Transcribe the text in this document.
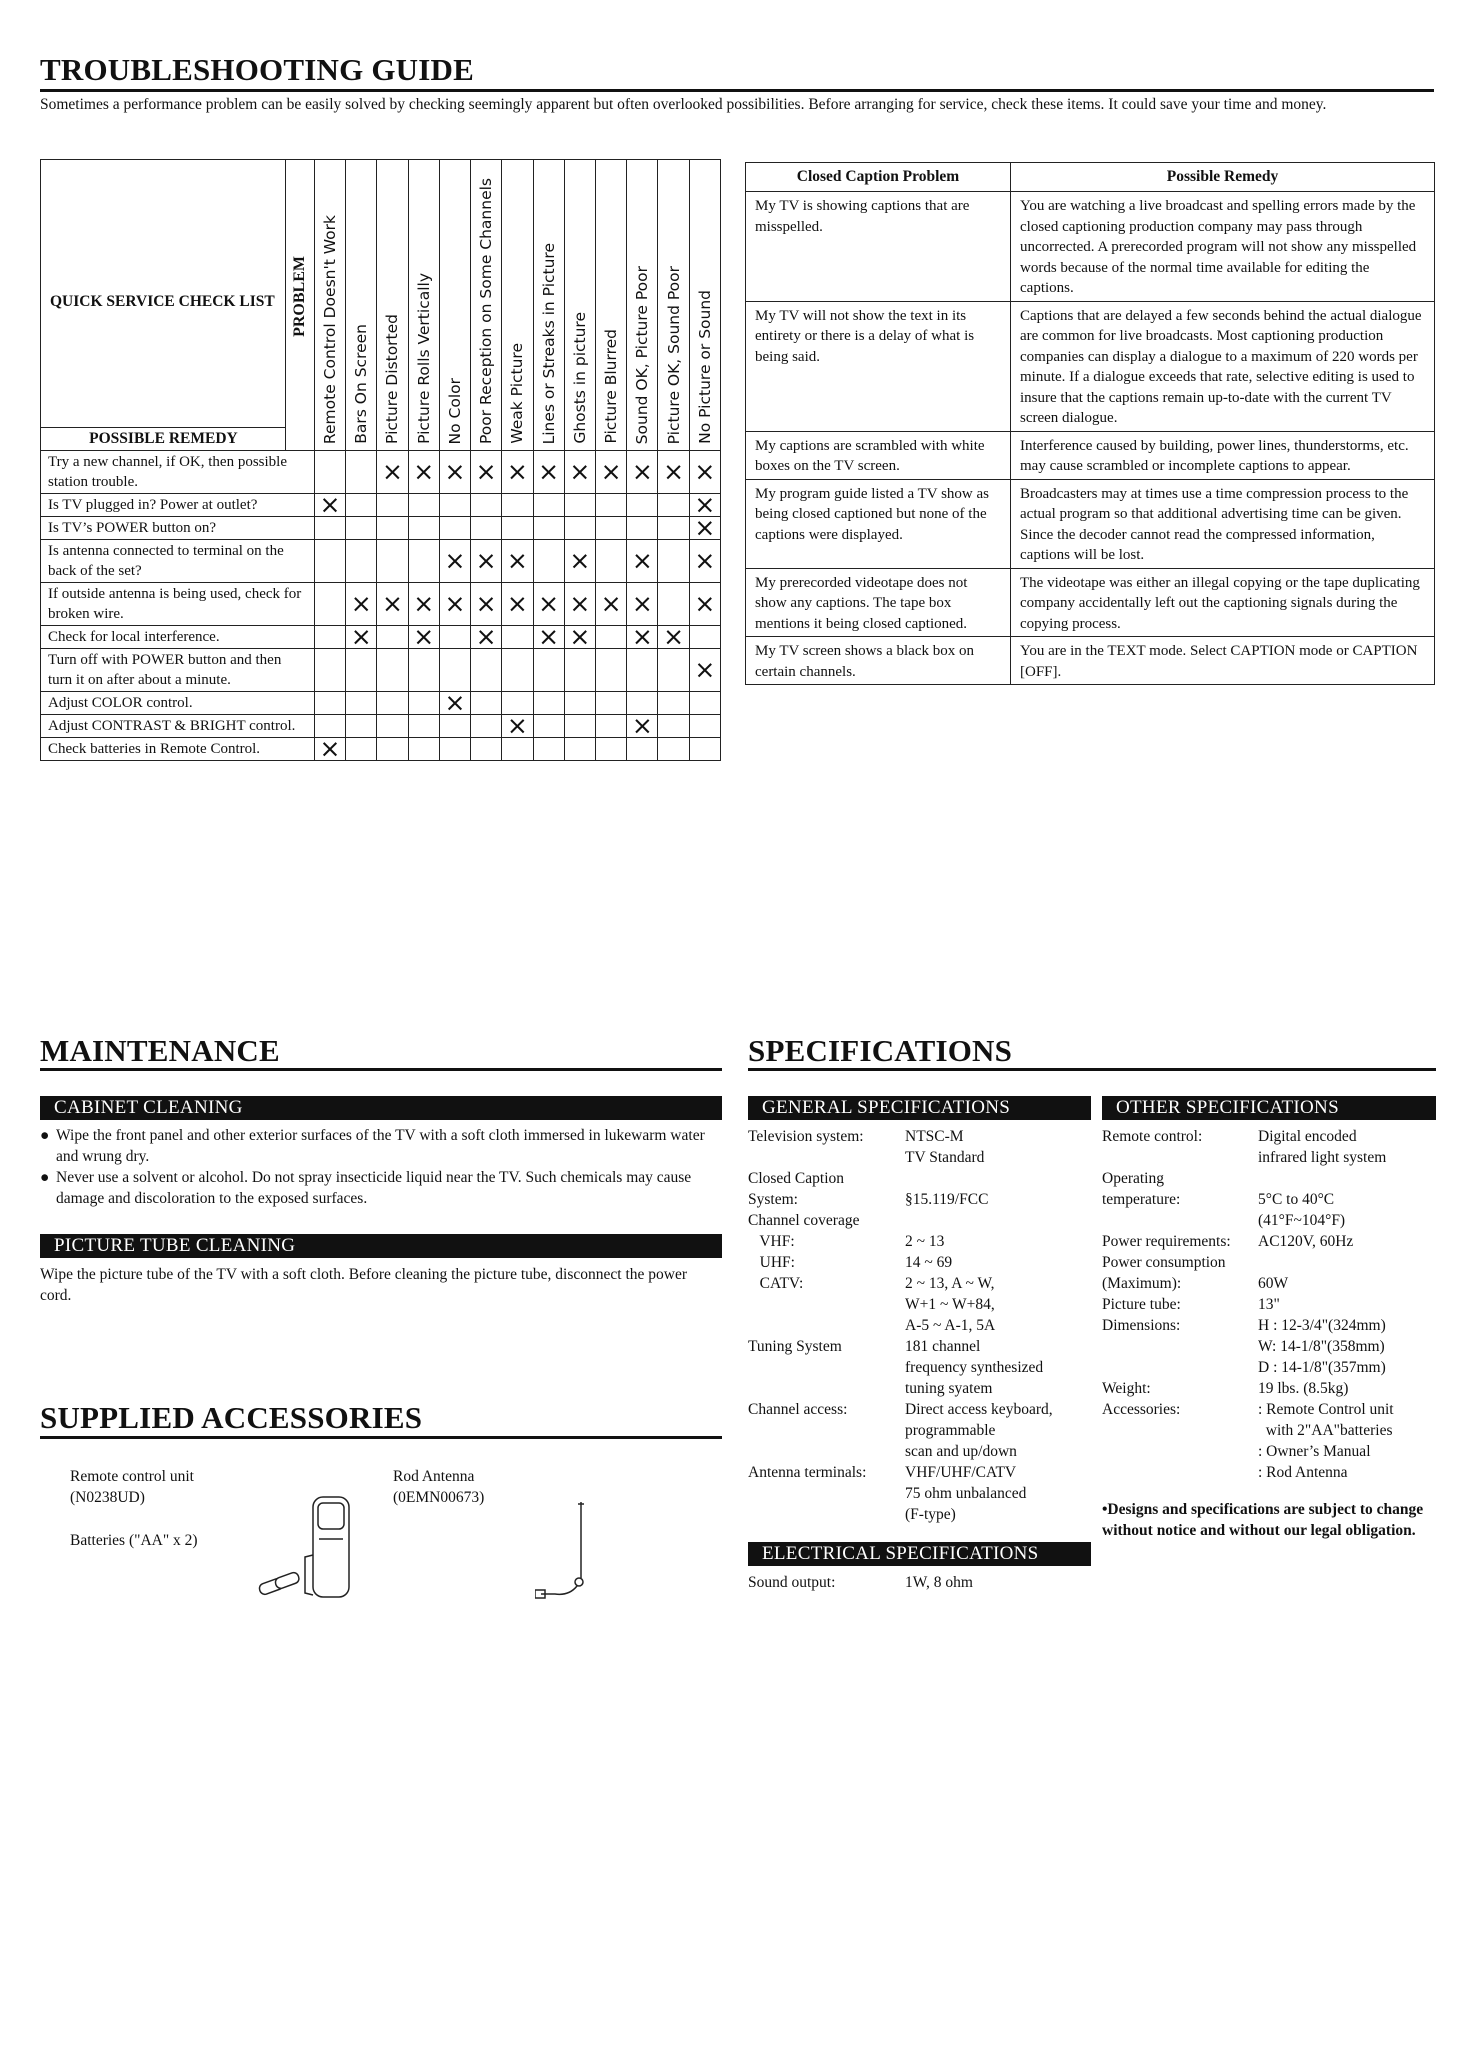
TROUBLESHOOTING GUIDE
Sometimes a performance problem can be easily solved by checking seemingly apparent but often overlooked possibilities. Before arranging for service, check these items. It could save your time and money.
QUICK SERVICE CHECK LIST PROBLEM
POSSIBLE REMEDY	Remote Control Doesn't Work	Bars On Screen	Picture Distorted	Picture Rolls Vertically	No Color	Poor Reception on Some Channels	Weak Picture	Lines or Streaks in Picture	Ghosts in picture	Picture Blurred	Sound OK, Picture Poor	Picture OK, Sound Poor	No Picture or Sound

Try a new channel, if OK, then possible station trouble.			×	×	×	×	×	×	×	×	×	×	×
Is TV plugged in? Power at outlet?	×												×
Is TV’s POWER button on?													×
Is antenna connected to terminal on the back of the set?					×	×	×		×		×		×
If outside antenna is being used, check for broken wire.		×	×	×	×	×	×	×	×	×	×		×
Check for local interference.		×		×		×		×	×		×	×	
Turn off with POWER button and then turn it on after about a minute.													×
Adjust COLOR control.					×								
Adjust CONTRAST & BRIGHT control.							×				×		
Check batteries in Remote Control.	×												
Closed Caption Problem	Possible Remedy
My TV is showing captions that are misspelled.	You are watching a live broadcast and spelling errors made by the closed captioning production company may pass through uncorrected. A prerecorded program will not show any misspelled words because of the normal time available for editing the captions.
My TV will not show the text in its entirety or there is a delay of what is being said.	Captions that are delayed a few seconds behind the actual dialogue are common for live broadcasts. Most captioning production companies can display a dialogue to a maximum of 220 words per minute. If a dialogue exceeds that rate, selective editing is used to insure that the captions remain up-to-date with the current TV screen dialogue.
My captions are scrambled with white boxes on the TV screen.	Interference caused by building, power lines, thunderstorms, etc. may cause scrambled or incomplete captions to appear.
My program guide listed a TV show as being closed captioned but none of the captions were displayed.	Broadcasters may at times use a time compression process to the actual program so that additional advertising time can be given. Since the decoder cannot read the compressed information, captions will be lost.
My prerecorded videotape does not show any captions. The tape box mentions it being closed captioned.	The videotape was either an illegal copying or the tape duplicating company accidentally left out the captioning signals during the copying process.
My TV screen shows a black box on certain channels.	You are in the TEXT mode. Select CAPTION mode or CAPTION [OFF].
MAINTENANCE
CABINET CLEANING
● Wipe the front panel and other exterior surfaces of the TV with a soft cloth immersed in lukewarm water and wrung dry.
● Never use a solvent or alcohol. Do not spray insecticide liquid near the TV. Such chemicals may cause damage and discoloration to the exposed surfaces.
PICTURE TUBE CLEANING
Wipe the picture tube of the TV with a soft cloth. Before cleaning the picture tube, disconnect the power cord.
SUPPLIED ACCESSORIES
Remote control unit
(N0238UD)
Batteries ("AA" x 2)
Rod Antenna
(0EMN00673)
SPECIFICATIONS
GENERAL SPECIFICATIONS	OTHER SPECIFICATIONS
Television system:	NTSC-M
TV Standard
Closed Caption
System:	
§15.119/FCC
Channel coverage
VHF:	2 ~ 13
UHF:	14 ~ 69
CATV:	2 ~ 13, A ~ W,
W+1 ~ W+84,
A-5 ~ A-1, 5A
Tuning System	181 channel
frequency synthesized
tuning syatem
Channel access:	Direct access keyboard,
programmable
scan and up/down
Antenna terminals:	VHF/UHF/CATV
75 ohm unbalanced
(F-type)
ELECTRICAL SPECIFICATIONS
Sound output:	1W, 8 ohm
Remote control:	Digital encoded
infrared light system
Operating
temperature:	
5°C to 40°C
(41°F~104°F)
Power requirements:	AC120V, 60Hz
Power consumption
(Maximum):	
60W
Picture tube:	13"
Dimensions:	H : 12-3/4"(324mm)
W: 14-1/8"(358mm)
D : 14-1/8"(357mm)
Weight:	19 lbs. (8.5kg)
Accessories:	: Remote Control unit
with 2"AA"batteries
: Owner’s Manual
: Rod Antenna
•Designs and specifications are subject to change without notice and without our legal obligation.
